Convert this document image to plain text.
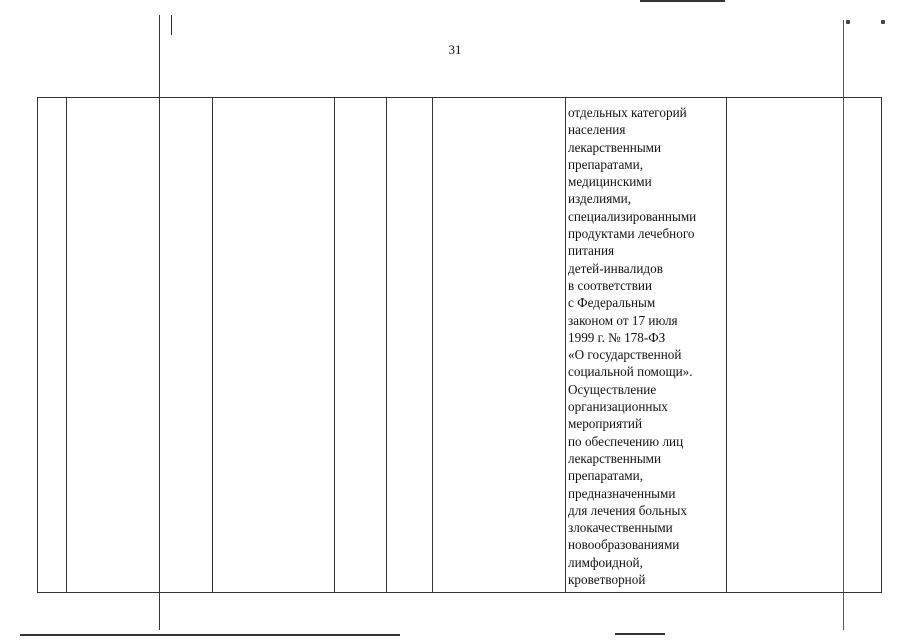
31
отдельных категорий
населения
лекарственными
препаратами,
медицинскими
изделиями,
специализированными
продуктами лечебного
питания
детей-инвалидов
в соответствии
с Федеральным
законом от 17 июля
1999 г. № 178-ФЗ
«О государственной
социальной помощи».
Осуществление
организационных
мероприятий
по обеспечению лиц
лекарственными
препаратами,
предназначенными
для лечения больных
злокачественными
новообразованиями
лимфоидной,
кроветворной
